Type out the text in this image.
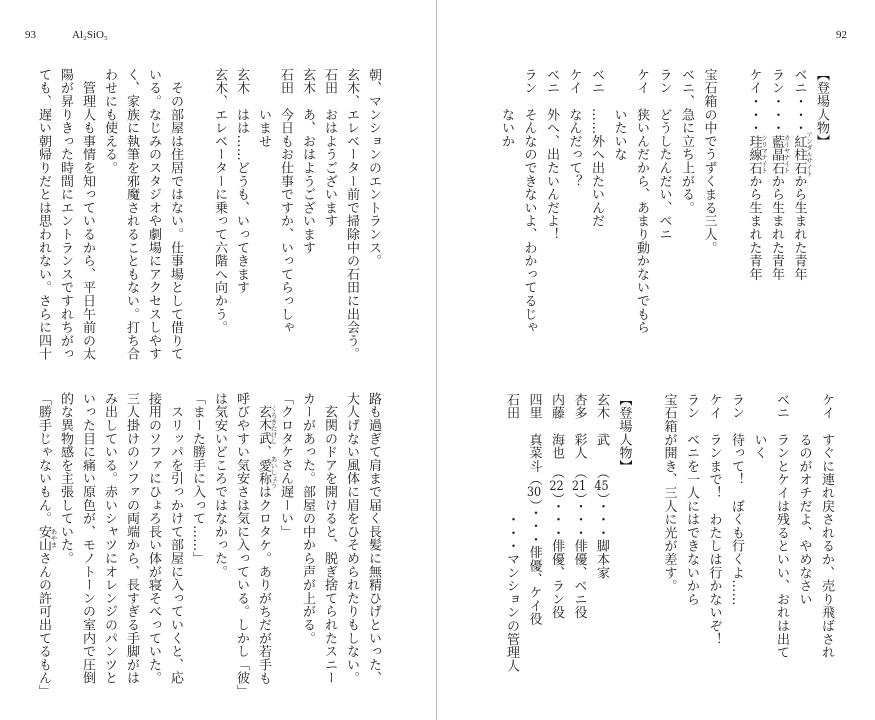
93	Al₂SiO₅
朝、マンションのエントランス。
玄木、エレベーター前で掃除中の石田に出会う。
石田　おはようございます
玄木　あ、おはようございます
石田　今日もお仕事ですか、いってらっしゃ
　　　いませ
玄木　はは……どうも、いってきます
玄木、エレベーターに乗って六階へ向かう。
　その部屋は住居ではない。仕事場として借りて
いる。なじみのスタジオや劇場にアクセスしやす
く、家族に執筆を邪魔されることもない。打ち合
わせにも使える。
　管理人も事情を知っているから、平日午前の太
陽が昇りきった時間にエントランスですれちがっ
ても、遅い朝帰りだとは思われない。さらに四十
路も過ぎて肩まで届く長髪に無精ひげといった、
大人げない風体に眉をひそめられたりもしない。
　玄関のドアを開けると、脱ぎ捨てられたスニー
カーがあった。部屋の中から声が上がる。
「クロタケさん遅ーい」
　玄木武
くろきたけし
、愛称
あいしょう
はクロタケ。ありがちだが若手も
呼びやすい気安さは気に入っている。しかし「彼」
は気安いどころではなかった。
「まーた勝手に入って……」
　スリッパを引っかけて部屋に入っていくと、応
接用のソファにひょろ長い体が寝そべっていた。
三人掛けのソファの両端から、長すぎる手脚がは
み出している。赤いシャツにオレンジのパンツと
いった目に痛い原色が、モノトーンの室内で圧倒
的な異物感を主張していた。
「勝手じゃないもん。安山
あやま
さんの許可出てるもん」
92
【登場人物】
ベニ・・・紅柱石
アンダルサイト
から生まれた青年
ラン・・・藍晶石
カイヤナイト
から生まれた青年
ケイ・・・珪線石
シリマナイト
から生まれた青年
宝石箱の中でうずくまる三人。
ベニ、急に立ち上がる。
ラン　どうしたんだい、ベニ
ケイ　狭いんだから、あまり動かないでもら
　　　いたいな
ベニ　……外へ出たいんだ
ケイ　なんだって？
ベニ　外へ、出たいんだよ！
ラン　そんなのできないよ、わかってるじゃ
　　　ないか
ケイ　すぐに連れ戻されるか、売り飛ばされ
　　　るのがオチだよ、やめなさい
ベニ　ランとケイは残るといい、おれは出て
　　　いく
ラン　待って！　ぼくも行くよ……
ケイ　ランまで！　わたしは行かないぞ！
ラン　ベニを一人にはできないから
宝石箱が開き、三人に光が差す。
【登場人物】
玄木　武　　（45）・・・脚本家
杏多　彩人　（21）・・・俳優、ベニ役
内藤　海也　（22）・・・俳優、ラン役
四里　真菜斗（30）・・・俳優、ケイ役
石田　　　　　　　・・・マンションの管理人
